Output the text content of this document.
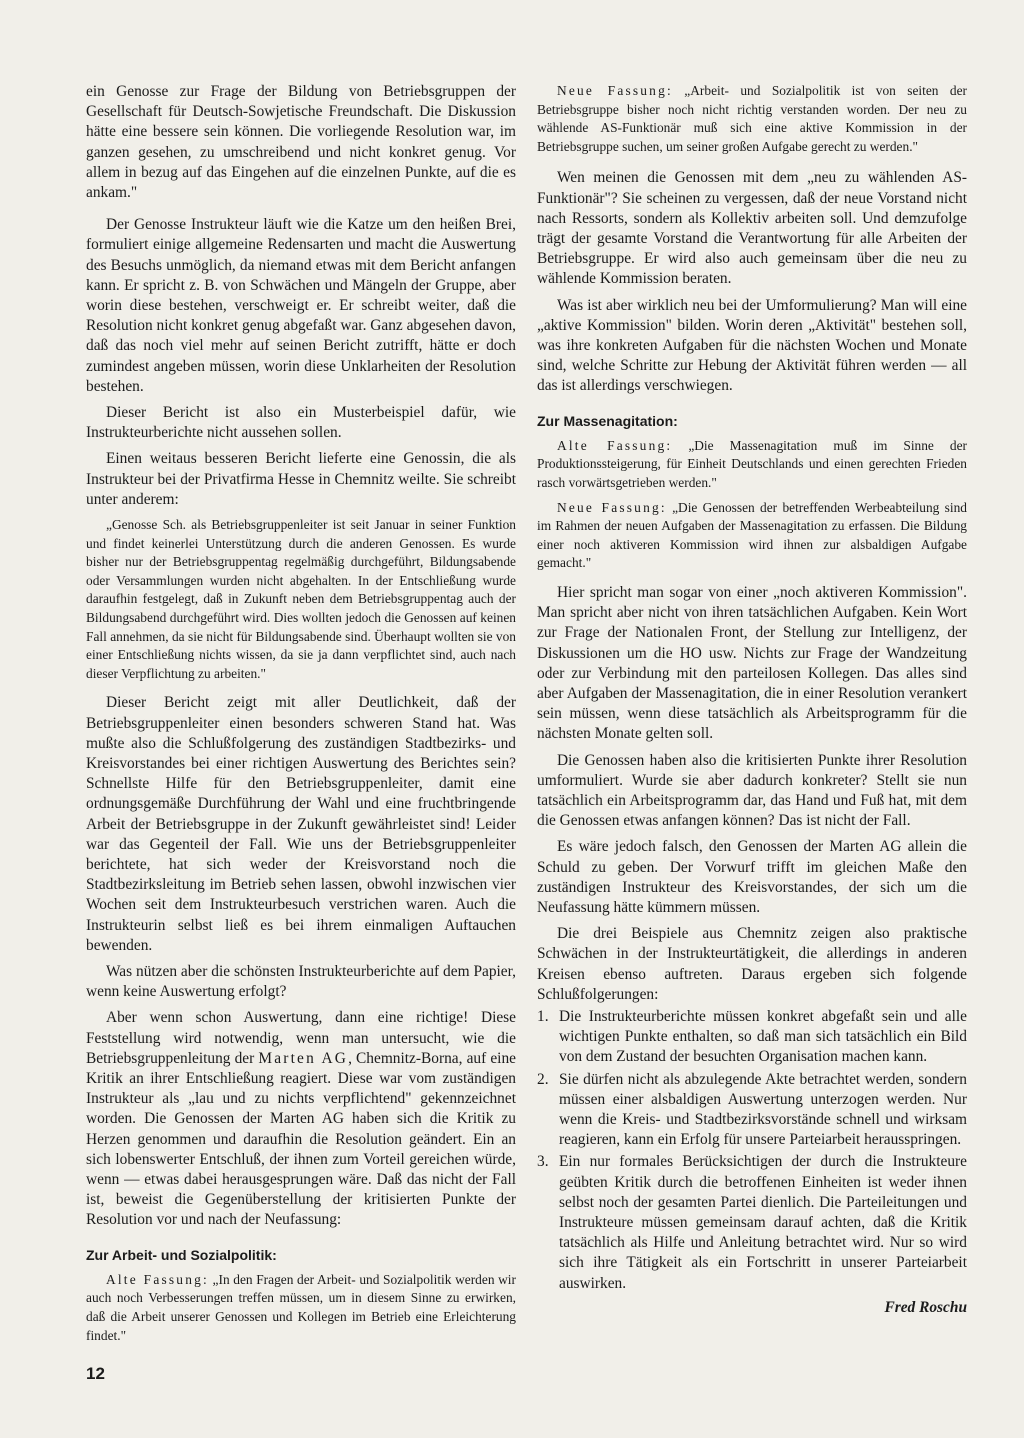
ein Genosse zur Frage der Bildung von Betriebsgruppen der Gesellschaft für Deutsch-Sowjetische Freundschaft. Die Diskussion hätte eine bessere sein können. Die vorliegende Resolution war, im ganzen gesehen, zu umschreibend und nicht konkret genug. Vor allem in bezug auf das Eingehen auf die einzelnen Punkte, auf die es ankam."

Der Genosse Instrukteur läuft wie die Katze um den heißen Brei, formuliert einige allgemeine Redensarten und macht die Auswertung des Besuchs unmöglich, da niemand etwas mit dem Bericht anfangen kann. Er spricht z. B. von Schwächen und Mängeln der Gruppe, aber worin diese bestehen, verschweigt er. Er schreibt weiter, daß die Resolution nicht konkret genug abgefaßt war. Ganz abgesehen davon, daß das noch viel mehr auf seinen Bericht zutrifft, hätte er doch zumindest angeben müssen, worin diese Unklarheiten der Resolution bestehen.

Dieser Bericht ist also ein Musterbeispiel dafür, wie Instrukteurberichte nicht aussehen sollen.

Einen weitaus besseren Bericht lieferte eine Genossin, die als Instrukteur bei der Privatfirma Hesse in Chemnitz weilte. Sie schreibt unter anderem:

„Genosse Sch. als Betriebsgruppenleiter ist seit Januar in seiner Funktion und findet keinerlei Unterstützung durch die anderen Genossen. Es wurde bisher nur der Betriebsgruppentag regelmäßig durchgeführt, Bildungsabende oder Versammlungen wurden nicht abgehalten. In der Entschließung wurde daraufhin festgelegt, daß in Zukunft neben dem Betriebsgruppentag auch der Bildungsabend durchgeführt wird. Dies wollten jedoch die Genossen auf keinen Fall annehmen, da sie nicht für Bildungsabende sind. Überhaupt wollten sie von einer Entschließung nichts wissen, da sie ja dann verpflichtet sind, auch nach dieser Verpflichtung zu arbeiten."

Dieser Bericht zeigt mit aller Deutlichkeit, daß der Betriebsgruppenleiter einen besonders schweren Stand hat. Was mußte also die Schlußfolgerung des zuständigen Stadtbezirks- und Kreisvorstandes bei einer richtigen Auswertung des Berichtes sein? Schnellste Hilfe für den Betriebsgruppenleiter, damit eine ordnungsgemäße Durchführung der Wahl und eine fruchtbringende Arbeit der Betriebsgruppe in der Zukunft gewährleistet sind! Leider war das Gegenteil der Fall. Wie uns der Betriebsgruppenleiter berichtete, hat sich weder der Kreisvorstand noch die Stadtbezirksleitung im Betrieb sehen lassen, obwohl inzwischen vier Wochen seit dem Instrukteurbesuch verstrichen waren. Auch die Instrukteurin selbst ließ es bei ihrem einmaligen Auftauchen bewenden.

Was nützen aber die schönsten Instrukteurberichte auf dem Papier, wenn keine Auswertung erfolgt?

Aber wenn schon Auswertung, dann eine richtige! Diese Feststellung wird notwendig, wenn man untersucht, wie die Betriebsgruppenleitung der Marten AG, Chemnitz-Borna, auf eine Kritik an ihrer Entschließung reagiert. Diese war vom zuständigen Instrukteur als „lau und zu nichts verpflichtend" gekennzeichnet worden. Die Genossen der Marten AG haben sich die Kritik zu Herzen genommen und daraufhin die Resolution geändert. Ein an sich lobenswerter Entschluß, der ihnen zum Vorteil gereichen würde, wenn — etwas dabei herausgesprungen wäre. Daß das nicht der Fall ist, beweist die Gegenüberstellung der kritisierten Punkte der Resolution vor und nach der Neufassung:

Zur Arbeit- und Sozialpolitik:

Alte Fassung: „In den Fragen der Arbeit- und Sozialpolitik werden wir auch noch Verbesserungen treffen müssen, um in diesem Sinne zu erwirken, daß die Arbeit unserer Genossen und Kollegen im Betrieb eine Erleichterung findet."

Neue Fassung: „Arbeit- und Sozialpolitik ist von seiten der Betriebsgruppe bisher noch nicht richtig verstanden worden. Der neu zu wählende AS-Funktionär muß sich eine aktive Kommission in der Betriebsgruppe suchen, um seiner großen Aufgabe gerecht zu werden."

Wen meinen die Genossen mit dem „neu zu wählenden AS-Funktionär"? Sie scheinen zu vergessen, daß der neue Vorstand nicht nach Ressorts, sondern als Kollektiv arbeiten soll. Und demzufolge trägt der gesamte Vorstand die Verantwortung für alle Arbeiten der Betriebsgruppe. Er wird also auch gemeinsam über die neu zu wählende Kommission beraten.

Was ist aber wirklich neu bei der Umformulierung? Man will eine „aktive Kommission" bilden. Worin deren „Aktivität" bestehen soll, was ihre konkreten Aufgaben für die nächsten Wochen und Monate sind, welche Schritte zur Hebung der Aktivität führen werden — all das ist allerdings verschwiegen.

Zur Massenagitation:

Alte Fassung: „Die Massenagitation muß im Sinne der Produktionssteigerung, für Einheit Deutschlands und einen gerechten Frieden rasch vorwärtsgetrieben werden."

Neue Fassung: „Die Genossen der betreffenden Werbeabteilung sind im Rahmen der neuen Aufgaben der Massenagitation zu erfassen. Die Bildung einer noch aktiveren Kommission wird ihnen zur alsbaldigen Aufgabe gemacht."

Hier spricht man sogar von einer „noch aktiveren Kommission". Man spricht aber nicht von ihren tatsächlichen Aufgaben. Kein Wort zur Frage der Nationalen Front, der Stellung zur Intelligenz, der Diskussionen um die HO usw. Nichts zur Frage der Wandzeitung oder zur Verbindung mit den parteilosen Kollegen. Das alles sind aber Aufgaben der Massenagitation, die in einer Resolution verankert sein müssen, wenn diese tatsächlich als Arbeitsprogramm für die nächsten Monate gelten soll.

Die Genossen haben also die kritisierten Punkte ihrer Resolution umformuliert. Wurde sie aber dadurch konkreter? Stellt sie nun tatsächlich ein Arbeitsprogramm dar, das Hand und Fuß hat, mit dem die Genossen etwas anfangen können? Das ist nicht der Fall.

Es wäre jedoch falsch, den Genossen der Marten AG allein die Schuld zu geben. Der Vorwurf trifft im gleichen Maße den zuständigen Instrukteur des Kreisvorstandes, der sich um die Neufassung hätte kümmern müssen.

Die drei Beispiele aus Chemnitz zeigen also praktische Schwächen in der Instrukteurtätigkeit, die allerdings in anderen Kreisen ebenso auftreten. Daraus ergeben sich folgende Schlußfolgerungen:

1. Die Instrukteurberichte müssen konkret abgefaßt sein und alle wichtigen Punkte enthalten, so daß man sich tatsächlich ein Bild von dem Zustand der besuchten Organisation machen kann.
2. Sie dürfen nicht als abzulegende Akte betrachtet werden, sondern müssen einer alsbaldigen Auswertung unterzogen werden. Nur wenn die Kreis- und Stadtbezirksvorstände schnell und wirksam reagieren, kann ein Erfolg für unsere Parteiarbeit herausspringen.
3. Ein nur formales Berücksichtigen der durch die Instrukteure geübten Kritik durch die betroffenen Einheiten ist weder ihnen selbst noch der gesamten Partei dienlich. Die Parteileitungen und Instrukteure müssen gemeinsam darauf achten, daß die Kritik tatsächlich als Hilfe und Anleitung betrachtet wird. Nur so wird sich ihre Tätigkeit als ein Fortschritt in unserer Parteiarbeit auswirken.

Fred Roschu

12
